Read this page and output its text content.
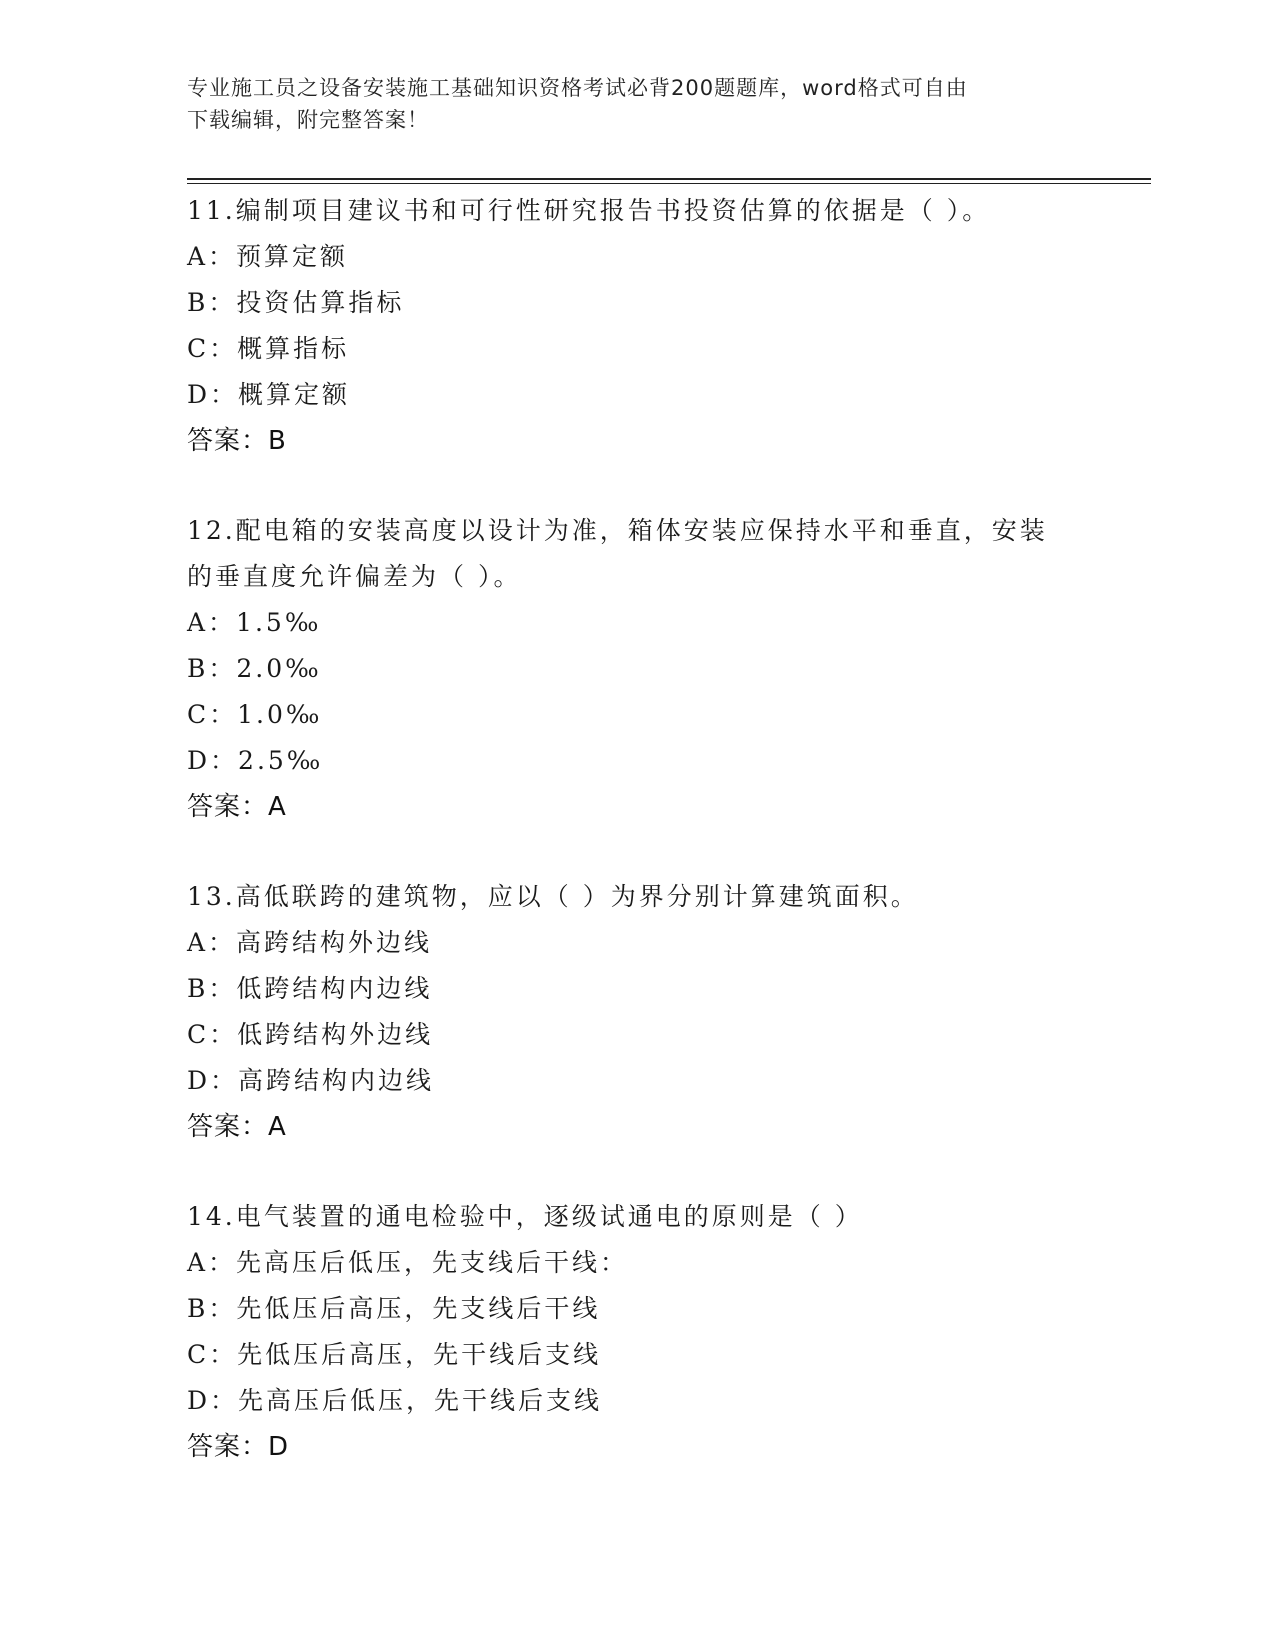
专业施工员之设备安装施工基础知识资格考试必背200题题库，word格式可自由
下载编辑，附完整答案！
11.编制项目建议书和可行性研究报告书投资估算的依据是（ ）。
A：预算定额
B：投资估算指标
C：概算指标
D：概算定额
答案：B
12.配电箱的安装高度以设计为准，箱体安装应保持水平和垂直，安装
的垂直度允许偏差为（ ）。
A：1.5‰
B：2.0‰
C：1.0‰
D：2.5‰
答案：A
13.高低联跨的建筑物，应以（ ）为界分别计算建筑面积。
A：高跨结构外边线
B：低跨结构内边线
C：低跨结构外边线
D：高跨结构内边线
答案：A
14.电气装置的通电检验中，逐级试通电的原则是（ ）
A：先高压后低压，先支线后干线：
B：先低压后高压，先支线后干线
C：先低压后高压，先干线后支线
D：先高压后低压，先干线后支线
答案：D
